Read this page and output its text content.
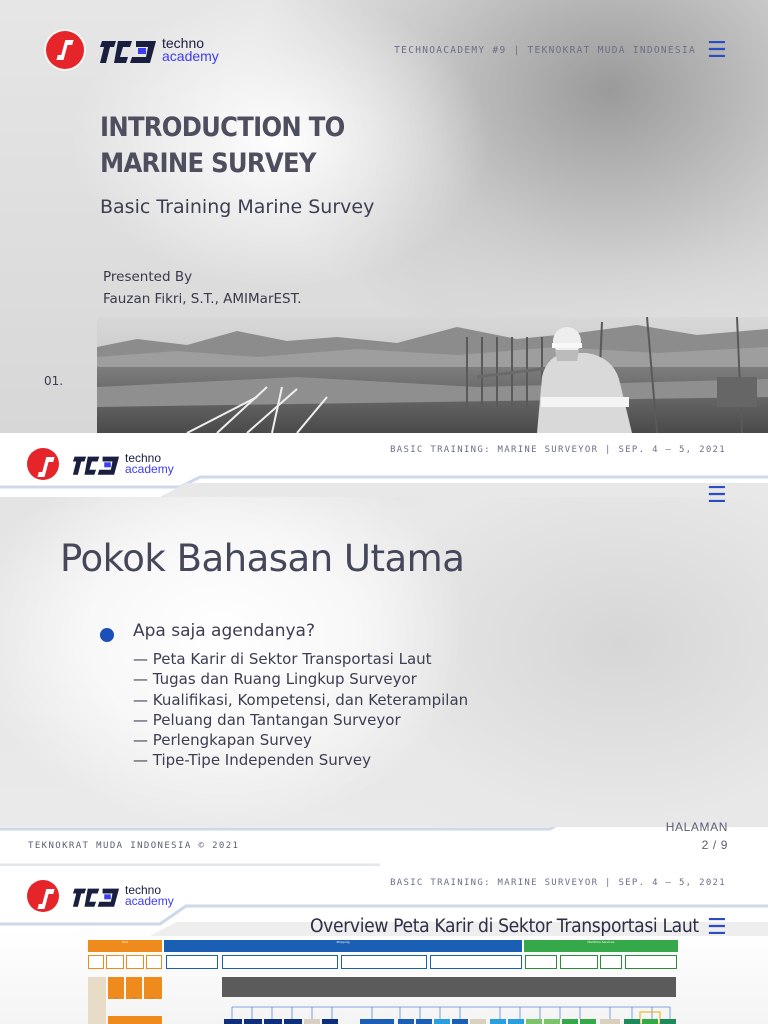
techno
academy	TECHNOACADEMY #9 | TEKNOKRAT MUDA INDONESIA ☰
INTRODUCTION TO
MARINE SURVEY
Basic Training Marine Survey
Presented By
Fauzan Fikri, S.T., AMIMarEST.
01.
techno
academy
BASIC TRAINING: MARINE SURVEYOR | SEP. 4 – 5, 2021
☰
Pokok Bahasan Utama
Apa saja agendanya?
— Peta Karir di Sektor Transportasi Laut
— Tugas dan Ruang Lingkup Surveyor
— Kualifikasi, Kompetensi, dan Keterampilan
— Peluang dan Tantangan Surveyor
— Perlengkapan Survey
— Tipe-Tipe Independen Survey
TEKNOKRAT MUDA INDONESIA © 2021
HALAMAN
2 / 9
techno
academy
BASIC TRAINING: MARINE SURVEYOR | SEP. 4 – 5, 2021
Overview Peta Karir di Sektor Transportasi Laut ☰
Port	Shipping	Maritime Services
